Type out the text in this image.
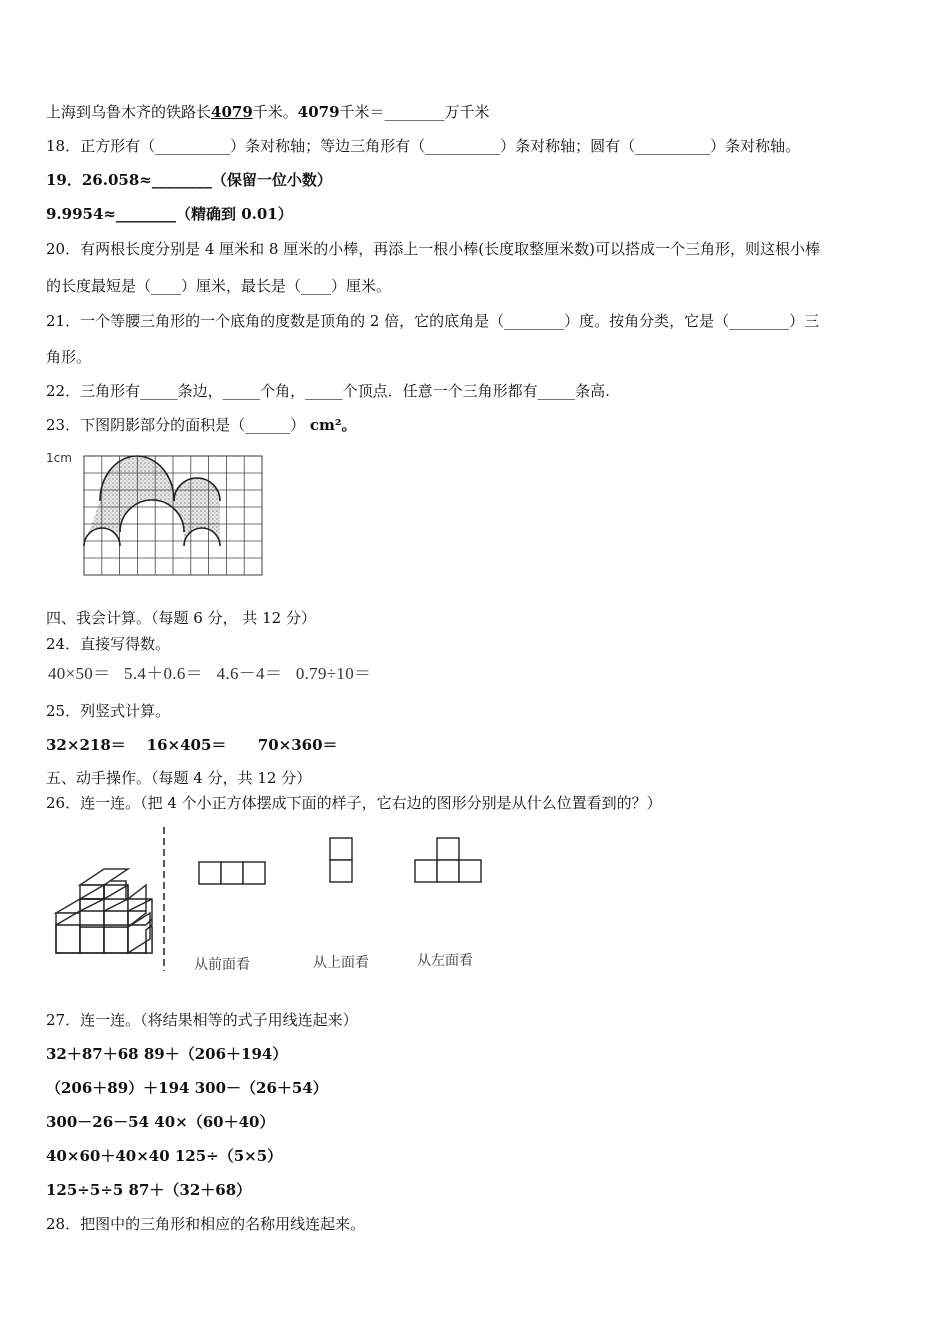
上海到乌鲁木齐的铁路长4079千米。4079千米＝________万千米
18．正方形有（__________）条对称轴；等边三角形有（__________）条对称轴；圆有（__________）条对称轴。
19．26.058≈________（保留一位小数）
9.9954≈________（精确到 0.01）
20．有两根长度分别是 4 厘米和 8 厘米的小棒，再添上一根小棒(长度取整厘米数)可以搭成一个三角形，则这根小棒
的长度最短是（____）厘米，最长是（____）厘米。
21．一个等腰三角形的一个底角的度数是顶角的 2 倍，它的底角是（________）度。按角分类，它是（________）三
角形。
22．三角形有_____条边，_____个角，_____个顶点．任意一个三角形都有_____条高.
23．下图阴影部分的面积是（______） cm²。
1cm
四、我会计算。（每题 6 分， 共 12 分）
24．直接写得数。
40×50＝ 5.4＋0.6＝ 4.6－4＝ 0.79÷10＝
25．列竖式计算。
32×218＝ 16×405＝ 70×360＝
五、动手操作。（每题 4 分，共 12 分）
26．连一连。（把 4 个小正方体摆成下面的样子，它右边的图形分别是从什么位置看到的？）
从前面看	从上面看	从左面看
27．连一连。（将结果相等的式子用线连起来）
32＋87＋68 89＋（206＋194）
（206＋89）＋194 300－（26＋54）
300－26－54 40×（60＋40）
40×60＋40×40 125÷（5×5）
125÷5÷5 87＋（32＋68）
28．把图中的三角形和相应的名称用线连起来。
